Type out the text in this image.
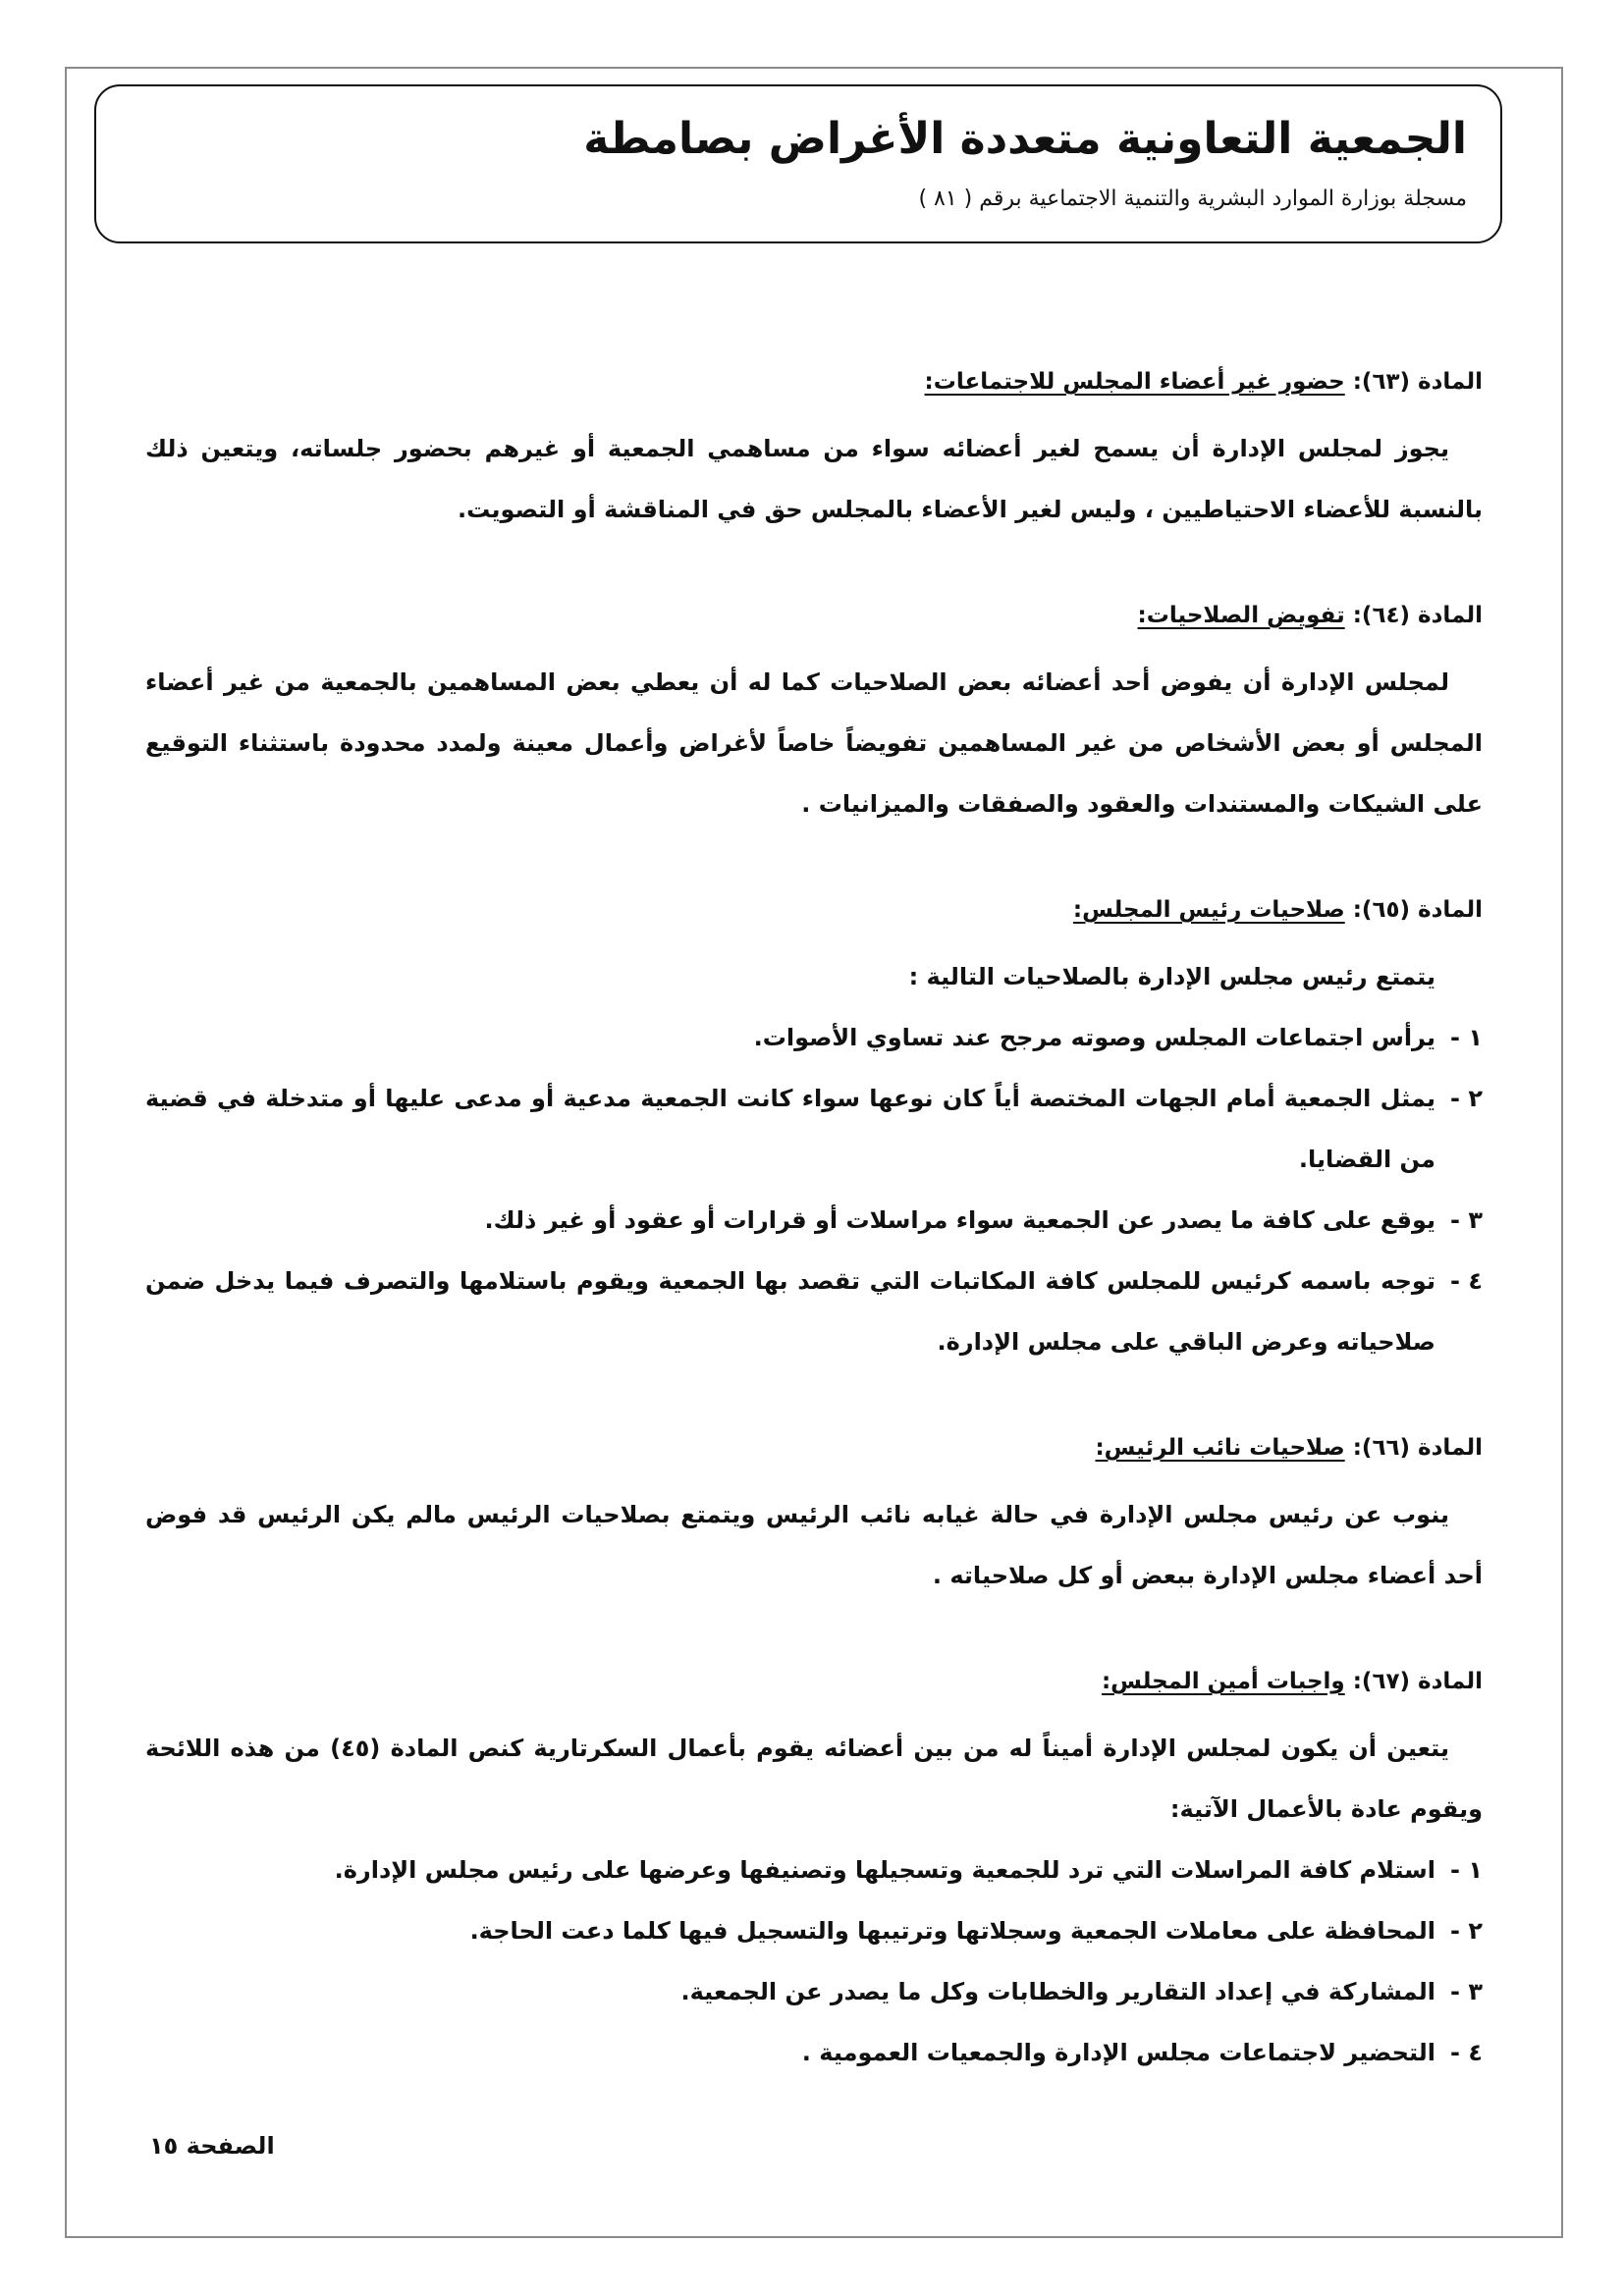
الجمعية التعاونية متعددة الأغراض بصامطة
مسجلة بوزارة الموارد البشرية والتنمية الاجتماعية برقم ( ٨١ )

المادة (٦٣): حضور غير أعضاء المجلس للاجتماعات:

يجوز لمجلس الإدارة أن يسمح لغير أعضائه سواء من مساهمي الجمعية أو غيرهم بحضور جلساته، ويتعين ذلك بالنسبة للأعضاء الاحتياطيين ، وليس لغير الأعضاء بالمجلس حق في المناقشة أو التصويت.

المادة (٦٤): تفويض الصلاحيات:

لمجلس الإدارة أن يفوض أحد أعضائه بعض الصلاحيات كما له أن يعطي بعض المساهمين بالجمعية من غير أعضاء المجلس أو بعض الأشخاص من غير المساهمين تفويضاً خاصاً لأغراض وأعمال معينة ولمدد محدودة باستثناء التوقيع على الشيكات والمستندات والعقود والصفقات والميزانيات .

المادة (٦٥): صلاحيات رئيس المجلس:

يتمتع رئيس مجلس الإدارة بالصلاحيات التالية :

١ -
يرأس اجتماعات المجلس وصوته مرجح عند تساوي الأصوات.

٢ -
يمثل الجمعية أمام الجهات المختصة أياً كان نوعها سواء كانت الجمعية مدعية أو مدعى عليها أو متدخلة في قضية من القضايا.

٣ -
يوقع على كافة ما يصدر عن الجمعية سواء مراسلات أو قرارات أو عقود أو غير ذلك.

٤ -
توجه باسمه كرئيس للمجلس كافة المكاتبات التي تقصد بها الجمعية ويقوم باستلامها والتصرف فيما يدخل ضمن صلاحياته وعرض الباقي على مجلس الإدارة.

المادة (٦٦): صلاحيات نائب الرئيس:

ينوب عن رئيس مجلس الإدارة في حالة غيابه نائب الرئيس ويتمتع بصلاحيات الرئيس مالم يكن الرئيس قد فوض أحد أعضاء مجلس الإدارة ببعض أو كل صلاحياته .

المادة (٦٧): واجبات أمين المجلس:

يتعين أن يكون لمجلس الإدارة أميناً له من بين أعضائه يقوم بأعمال السكرتارية كنص المادة (٤٥) من هذه اللائحة ويقوم عادة بالأعمال الآتية:

١ -
استلام كافة المراسلات التي ترد للجمعية وتسجيلها وتصنيفها وعرضها على رئيس مجلس الإدارة.

٢ -
المحافظة على معاملات الجمعية وسجلاتها وترتيبها والتسجيل فيها كلما دعت الحاجة.

٣ -
المشاركة في إعداد التقارير والخطابات وكل ما يصدر عن الجمعية.

٤ -
التحضير لاجتماعات مجلس الإدارة والجمعيات العمومية .

الصفحة ١٥
